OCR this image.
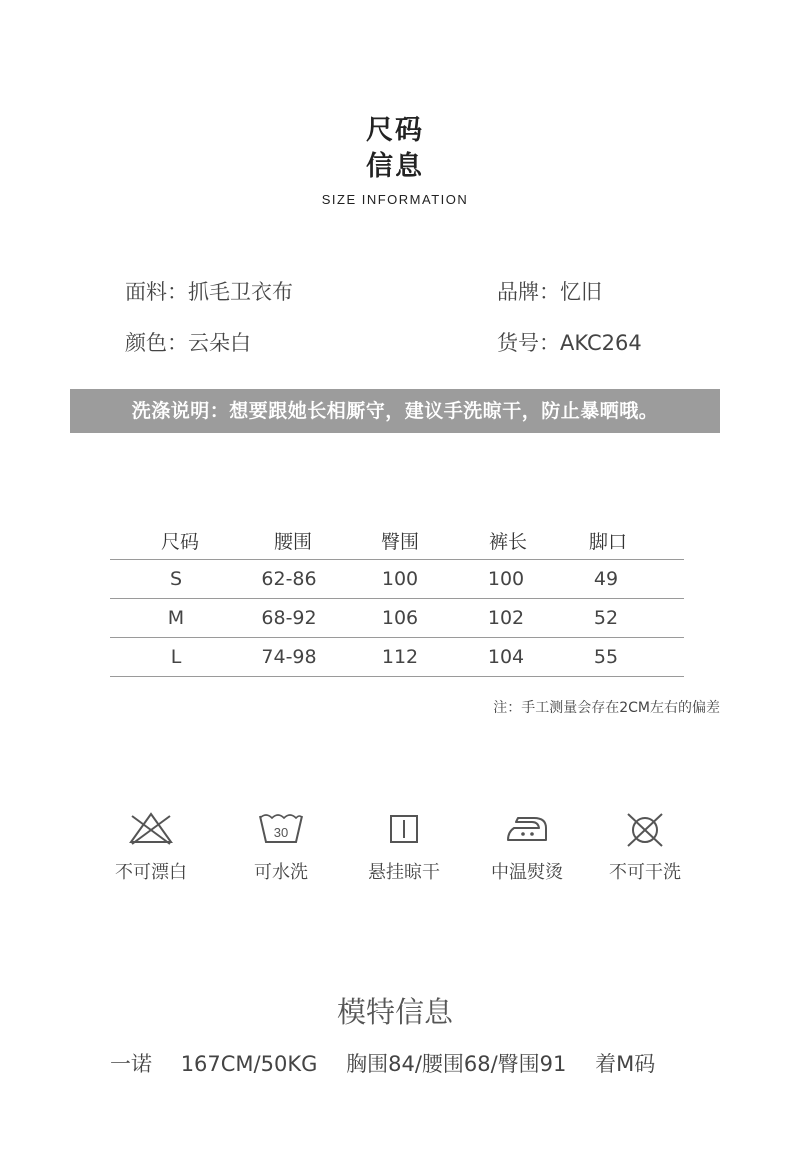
尺码
信息
SIZE INFORMATION
面料：抓毛卫衣布	品牌：忆旧
颜色：云朵白	货号：AKC264
洗涤说明：想要跟她长相厮守，建议手洗晾干，防止暴晒哦。
尺码	腰围	臀围	裤长	脚口
S	62-86	100	100	49
M	68-92	106	102	52
L	74-98	112	104	55
注：手工测量会存在2CM左右的偏差
不可漂白
30
可水洗	悬挂晾干	中温熨烫	不可干洗
模特信息
一诺 167CM/50KG 胸围84/腰围68/臀围91 着M码
